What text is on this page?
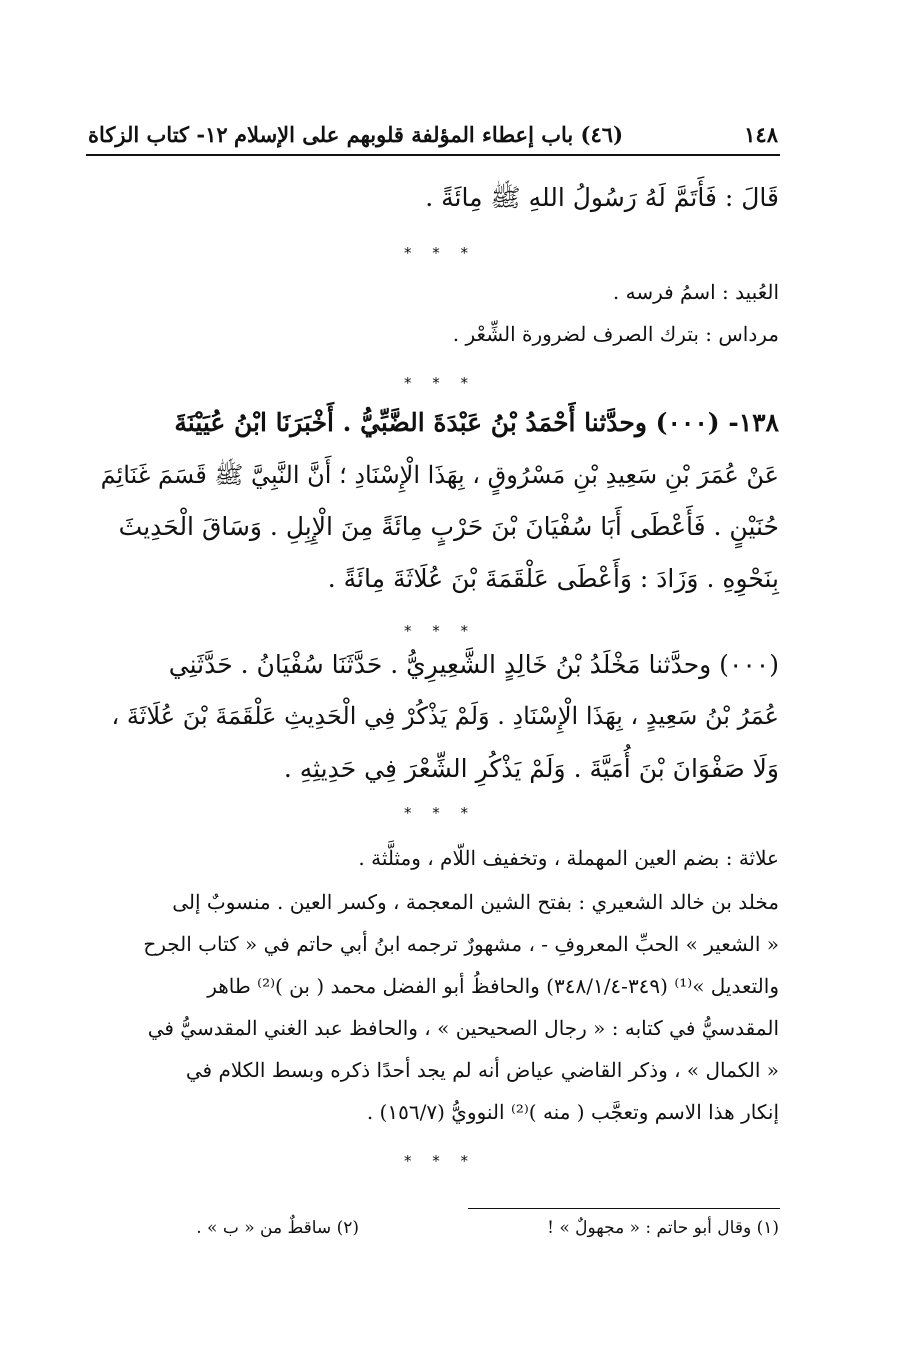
١٤٨
(٤٦) باب إعطاء المؤلفة قلوبهم على الإسلام
١٢- كتاب الزكاة
قَالَ : فَأَتَمَّ لَهُ رَسُولُ اللهِ ﷺ مِائَةً .
* * *
العُبيد : اسمُ فرسه .
مرداس : بترك الصرف لضرورة الشِّعْر .
* * *
١٣٨- (٠٠٠) وحدَّثنا أَحْمَدُ بْنُ عَبْدَةَ الضَّبِّيُّ . أَخْبَرَنَا ابْنُ عُيَيْنَةَ
عَنْ عُمَرَ بْنِ سَعِيدِ بْنِ مَسْرُوقٍ ، بِهَذَا الْإِسْنَادِ ؛ أَنَّ النَّبِيَّ ﷺ قَسَمَ غَنَائِمَ
حُنَيْنٍ . فَأَعْطَى أَبَا سُفْيَانَ بْنَ حَرْبٍ مِائَةً مِنَ الْإِبِلِ . وَسَاقَ الْحَدِيثَ
بِنَحْوِهِ . وَزَادَ : وَأَعْطَى عَلْقَمَةَ بْنَ عُلَاثَةَ مِائَةً .
* * *
(٠٠٠) وحدَّثنا مَخْلَدُ بْنُ خَالِدٍ الشَّعِيرِيُّ . حَدَّثَنَا سُفْيَانُ . حَدَّثَنِي
عُمَرُ بْنُ سَعِيدٍ ، بِهَذَا الْإِسْنَادِ . وَلَمْ يَذْكُرْ فِي الْحَدِيثِ عَلْقَمَةَ بْنَ عُلَاثَةَ ،
وَلَا صَفْوَانَ بْنَ أُمَيَّةَ . وَلَمْ يَذْكُرِ الشِّعْرَ فِي حَدِيثِهِ .
* * *
علاثة : بضم العين المهملة ، وتخفيف اللّام ، ومثلَّثة .
مخلد بن خالد الشعيري : بفتح الشين المعجمة ، وكسر العين . منسوبٌ إلى
« الشعير » الحبِّ المعروفِ - ، مشهورٌ ترجمه ابنُ أبي حاتم في « كتاب الجرح
والتعديل »⁽¹⁾ (٣٤٩-٣٤٨/١/٤) والحافظُ أبو الفضل محمد ( بن )⁽²⁾ طاهر
المقدسيُّ في كتابه : « رجال الصحيحين » ، والحافظ عبد الغني المقدسيُّ في
« الكمال » ، وذكر القاضي عياض أنه لم يجد أحدًا ذكره وبسط الكلام في
إنكار هذا الاسم وتعجَّب ( منه )⁽²⁾ النوويُّ (١٥٦/٧) .
* * *
(١) وقال أبو حاتم : « مجهولٌ » !
(٢) ساقطٌ من « ب » .
